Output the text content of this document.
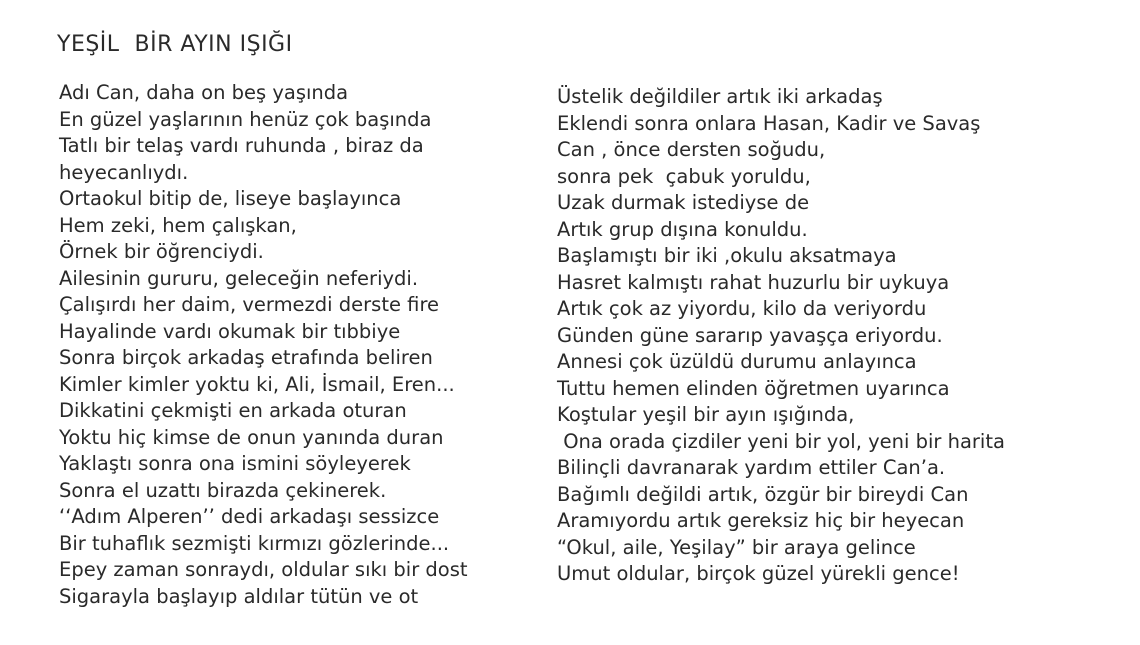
YEŞİL  BİR AYIN IŞIĞI
Adı Can, daha on beş yaşında
En güzel yaşlarının henüz çok başında
Tatlı bir telaş vardı ruhunda , biraz da
heyecanlıydı.
Ortaokul bitip de, liseye başlayınca
Hem zeki, hem çalışkan,
Örnek bir öğrenciydi.
Ailesinin gururu, geleceğin neferiydi.
Çalışırdı her daim, vermezdi derste fire
Hayalinde vardı okumak bir tıbbiye
Sonra birçok arkadaş etrafında beliren
Kimler kimler yoktu ki, Ali, İsmail, Eren...
Dikkatini çekmişti en arkada oturan
Yoktu hiç kimse de onun yanında duran
Yaklaştı sonra ona ismini söyleyerek
Sonra el uzattı birazda çekinerek.
‘‘Adım Alperen’’ dedi arkadaşı sessizce
Bir tuhaflık sezmişti kırmızı gözlerinde...
Epey zaman sonraydı, oldular sıkı bir dost
Sigarayla başlayıp aldılar tütün ve ot
Üstelik değildiler artık iki arkadaş
Eklendi sonra onlara Hasan, Kadir ve Savaş
Can , önce dersten soğudu,
sonra pek  çabuk yoruldu,
Uzak durmak istediyse de
Artık grup dışına konuldu.
Başlamıştı bir iki ,okulu aksatmaya
Hasret kalmıştı rahat huzurlu bir uykuya
Artık çok az yiyordu, kilo da veriyordu
Günden güne sararıp yavaşça eriyordu.
Annesi çok üzüldü durumu anlayınca
Tuttu hemen elinden öğretmen uyarınca
Koştular yeşil bir ayın ışığında,
Ona orada çizdiler yeni bir yol, yeni bir harita
Bilinçli davranarak yardım ettiler Can’a.
Bağımlı değildi artık, özgür bir bireydi Can
Aramıyordu artık gereksiz hiç bir heyecan
“Okul, aile, Yeşilay” bir araya gelince
Umut oldular, birçok güzel yürekli gence!
